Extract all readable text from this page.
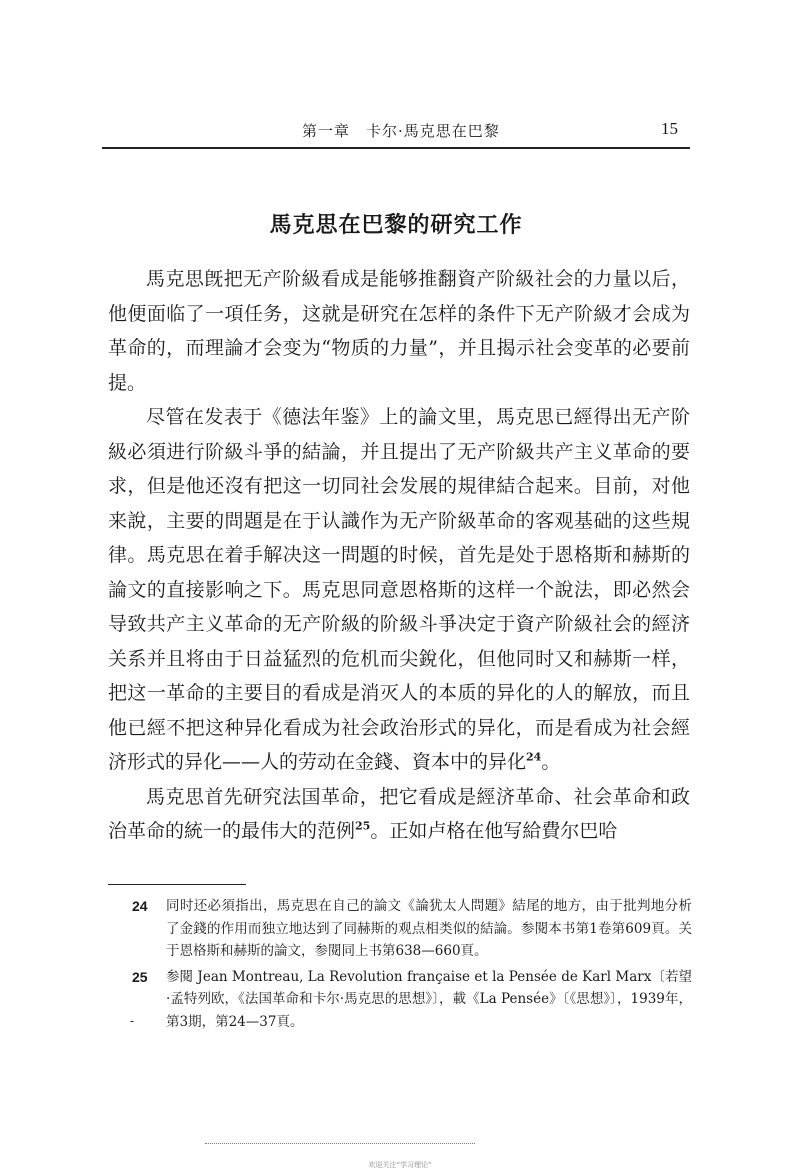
第一章　卡尔·馬克思在巴黎	15
馬克思在巴黎的研究工作

馬克思旣把无产阶級看成是能够推翻資产阶級社会的力量以后，他便面临了一項任务，这就是研究在怎样的条件下无产阶級才会成为革命的，而理論才会变为“物质的力量”，并且揭示社会变革的必要前提。

尽管在发表于《德法年鉴》上的論文里，馬克思已經得出无产阶級必須进行阶級斗爭的結論，并且提出了无产阶級共产主义革命的要求，但是他还沒有把这一切同社会发展的規律結合起来。目前，对他来說，主要的問題是在于认識作为无产阶級革命的客观基础的这些規律。馬克思在着手解决这一問題的时候，首先是处于恩格斯和赫斯的論文的直接影响之下。馬克思同意恩格斯的这样一个說法，即必然会导致共产主义革命的无产阶級的阶級斗爭决定于資产阶級社会的經济关系并且将由于日益猛烈的危机而尖銳化，但他同时又和赫斯一样，把这一革命的主要目的看成是消灭人的本质的异化的人的解放，而且他已經不把这种异化看成为社会政治形式的异化，而是看成为社会經济形式的异化——人的劳动在金錢、資本中的异化$^{24}$。

馬克思首先研究法国革命，把它看成是經济革命、社会革命和政治革命的統一的最伟大的范例$^{25}$。正如卢格在他写給費尔巴哈

24 同时还必須指出，馬克思在自己的論文《論犹太人問題》結尾的地方，由于批判地分析了金錢的作用而独立地达到了同赫斯的观点相类似的結論。参閱本书第1卷第609頁。关于恩格斯和赫斯的論文，参閱同上书第638—660頁。
25
-
参閱 Jean Montreau, La Revolution française et la Pensée de Karl Marx〔若望·孟特列欧，《法国革命和卡尔·馬克思的思想》〕，載《La Pensée》〔《思想》〕，1939年，第3期，第24—37頁。
欢迎关注“学习理论”
